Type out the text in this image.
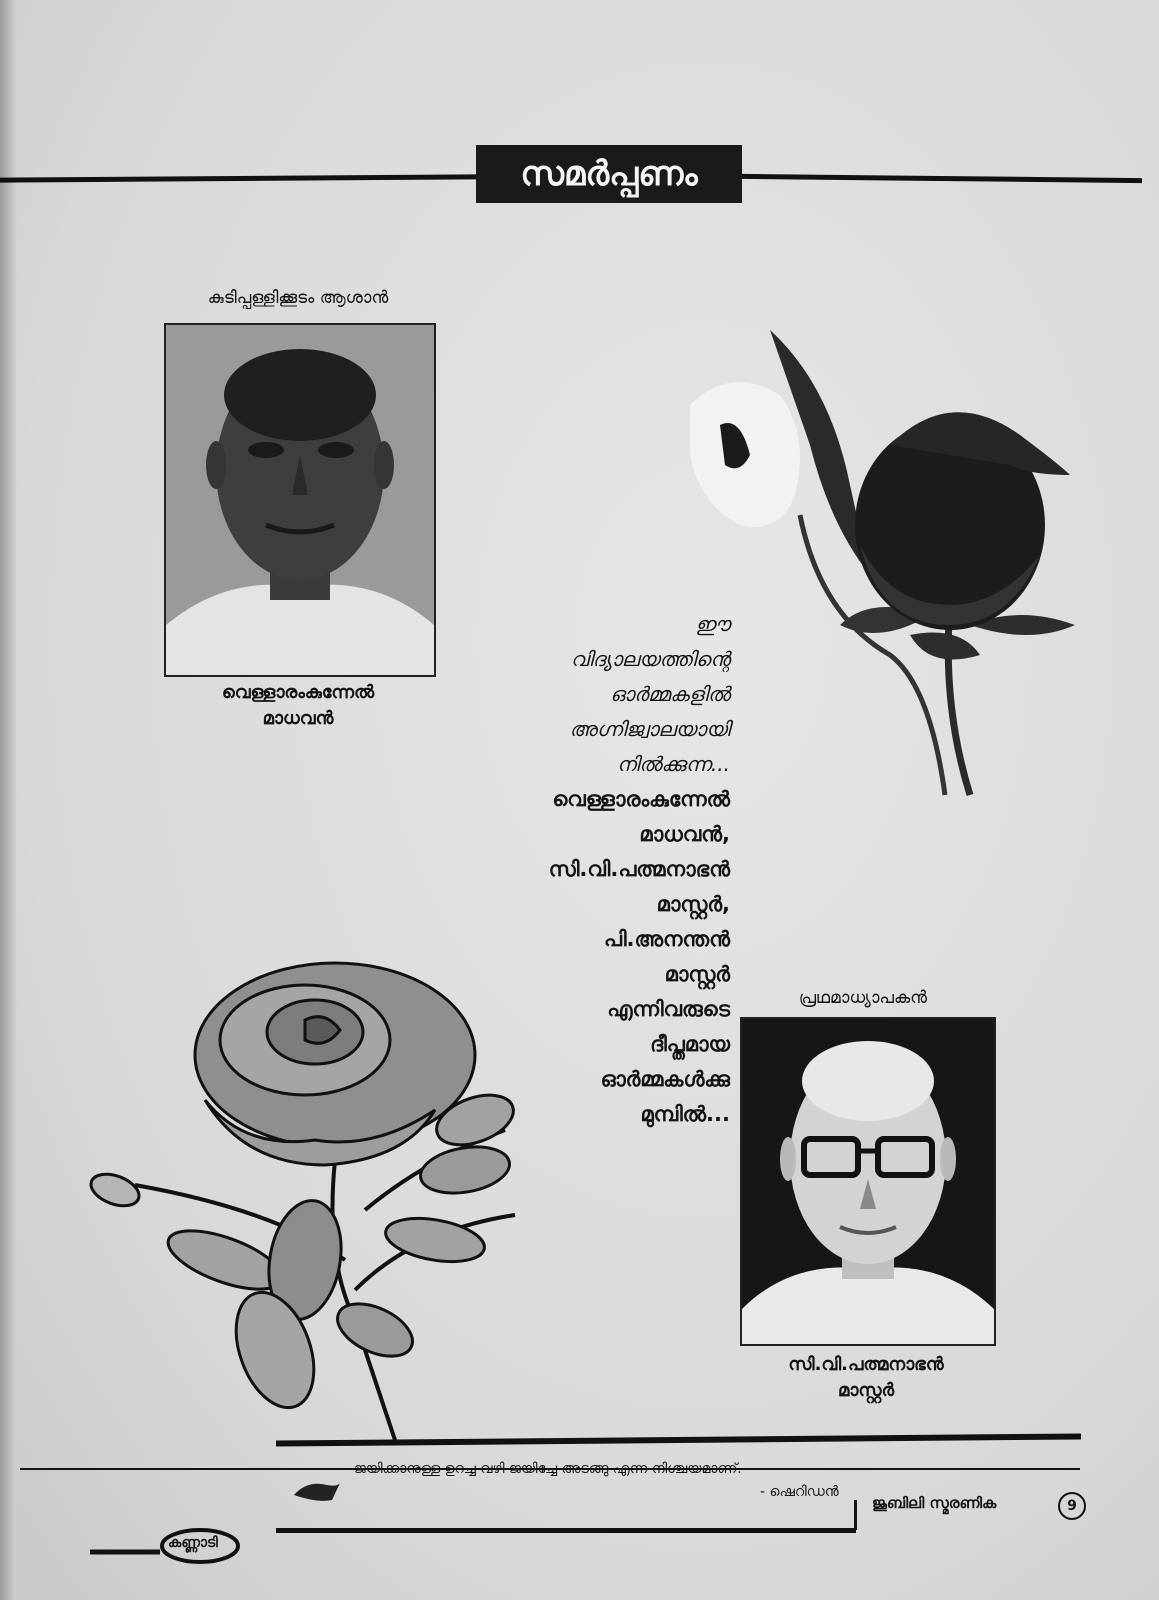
സമർപ്പണം
കുടിപ്പള്ളിക്കൂടം ആശാൻ
വെള്ളാരംകുന്നേൽ
മാധവൻ
ഈ
വിദ്യാലയത്തിന്റെ
ഓർമ്മകളിൽ
അഗ്നിജ്വാലയായി
നിൽക്കുന്ന...
വെള്ളാരംകുന്നേൽ
മാധവൻ,
സി.വി.പത്മനാഭൻ
മാസ്റ്റർ,
പി.അനന്തൻ
മാസ്റ്റർ
എന്നിവരുടെ
ദീപ്തമായ
ഓർമ്മകൾക്കു
മുമ്പിൽ...
പ്രഥമാധ്യാപകൻ
സി.വി.പത്മനാഭൻ
മാസ്റ്റർ
ജയിക്കാനുള്ള ഉറച്ച വഴി ജയിച്ചേ അടങ്ങു എന്ന നിശ്ചയമാണ്.
- ഷെറിഡൻ
ജൂബിലി സ്മരണിക	9
കണ്ണാടി
